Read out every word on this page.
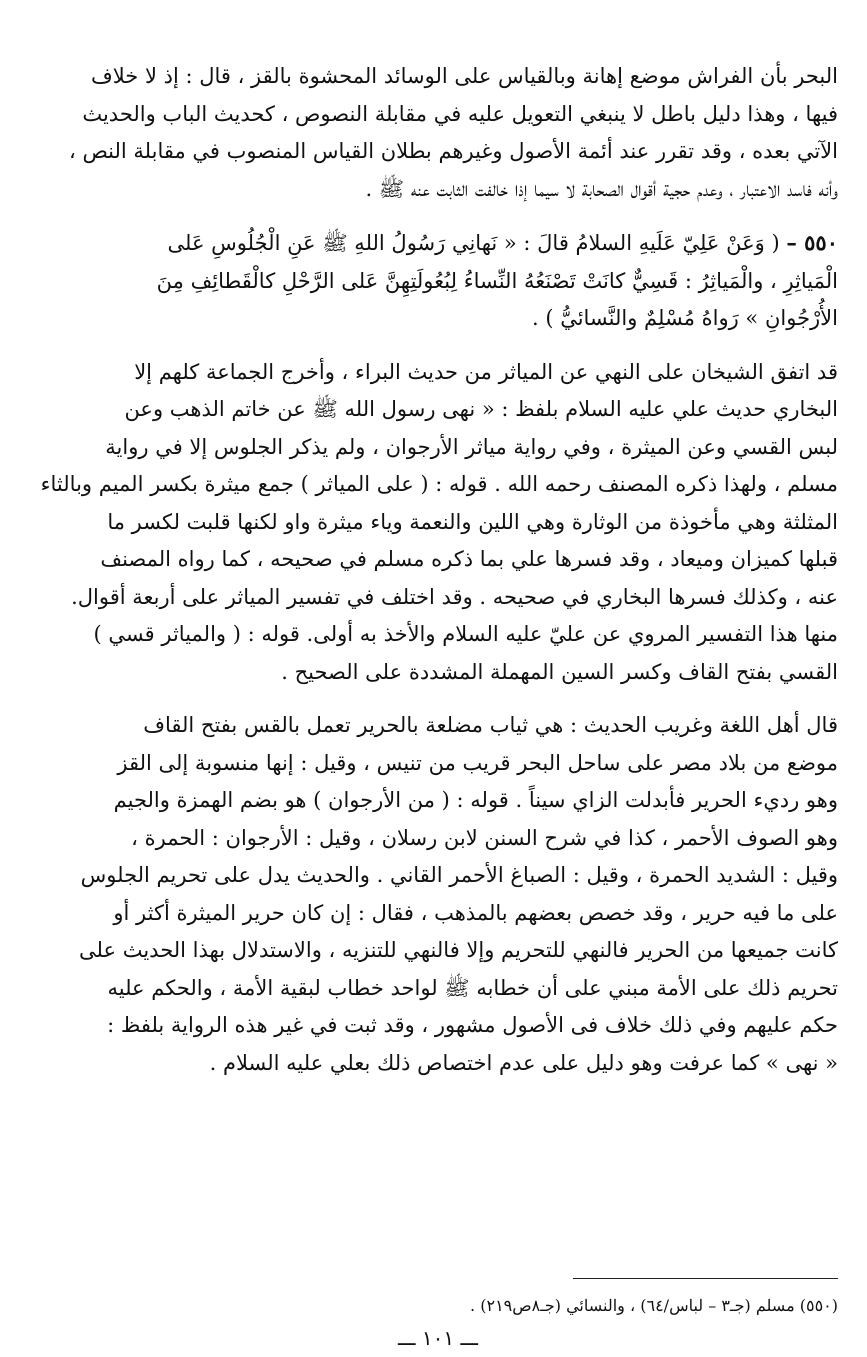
البحر بأن الفراش موضع إهانة وبالقياس على الوسائد المحشوة بالقز ، قال : إذ لا خلاف
فيها ، وهذا دليل باطل لا ينبغي التعويل عليه في مقابلة النصوص ، كحديث الباب والحديث
الآتي بعده ، وقد تقرر عند أئمة الأصول وغيرهم بطلان القياس المنصوب في مقابلة النص ،
وأنه فاسد الاعتبار ، وعدم حجية أقوال الصحابة لا سيما إذا خالفت الثابت عنه ﷺ .

٥٥٠ – ( وَعَنْ عَلِيّ عَلَيهِ السلامُ قالَ : « نَهانِي رَسُولُ اللهِ ﷺ عَنِ الْجُلُوسِ عَلى
الْمَياثِرِ ، والْمَياثِرُ : قَسِيٌّ كانَتْ تَصْنَعُهُ النِّساءُ لِبُعُولَتِهِنَّ عَلى الرَّحْلِ كالْقَطائِفِ مِنَ
الأُرْجُوانِ » رَواهُ مُسْلِمٌ والنَّسائيُّ ) .

قد اتفق الشيخان على النهي عن المياثر من حديث البراء ، وأخرج الجماعة كلهم إلا
البخاري حديث علي عليه السلام بلفظ : « نهى رسول الله ﷺ عن خاتم الذهب وعن
لبس القسي وعن الميثرة ، وفي رواية مياثر الأرجوان ، ولم يذكر الجلوس إلا في رواية
مسلم ، ولهذا ذكره المصنف رحمه الله . قوله : ( على المياثر ) جمع ميثرة بكسر الميم وبالثاء
المثلثة وهي مأخوذة من الوثارة وهي اللين والنعمة وياء ميثرة واو لكنها قلبت لكسر ما
قبلها كميزان وميعاد ، وقد فسرها علي بما ذكره مسلم في صحيحه ، كما رواه المصنف
عنه ، وكذلك فسرها البخاري في صحيحه . وقد اختلف في تفسير المياثر على أربعة أقوال.
منها هذا التفسير المروي عن عليّ عليه السلام والأخذ به أولى. قوله : ( والمياثر قسي )
القسي بفتح القاف وكسر السين المهملة المشددة على الصحيح .

قال أهل اللغة وغريب الحديث : هي ثياب مضلعة بالحرير تعمل بالقس بفتح القاف
موضع من بلاد مصر على ساحل البحر قريب من تنيس ، وقيل : إنها منسوبة إلى القز
وهو رديء الحرير فأبدلت الزاي سيناً . قوله : ( من الأرجوان ) هو بضم الهمزة والجيم
وهو الصوف الأحمر ، كذا في شرح السنن لابن رسلان ، وقيل : الأرجوان : الحمرة ،
وقيل : الشديد الحمرة ، وقيل : الصباغ الأحمر القاني . والحديث يدل على تحريم الجلوس
على ما فيه حرير ، وقد خصص بعضهم بالمذهب ، فقال : إن كان حرير الميثرة أكثر أو
كانت جميعها من الحرير فالنهي للتحريم وإلا فالنهي للتنزيه ، والاستدلال بهذا الحديث على
تحريم ذلك على الأمة مبني على أن خطابه ﷺ لواحد خطاب لبقية الأمة ، والحكم عليه
حكم عليهم وفي ذلك خلاف فى الأصول مشهور ، وقد ثبت في غير هذه الرواية بلفظ :
« نهى » كما عرفت وهو دليل على عدم اختصاص ذلك بعلي عليه السلام .

(٥٥٠) مسلم (جـ٣ – لباس/٦٤) ، والنسائي (جـ٨ص٢١٩) .

ـــ ١٠١ ـــ
